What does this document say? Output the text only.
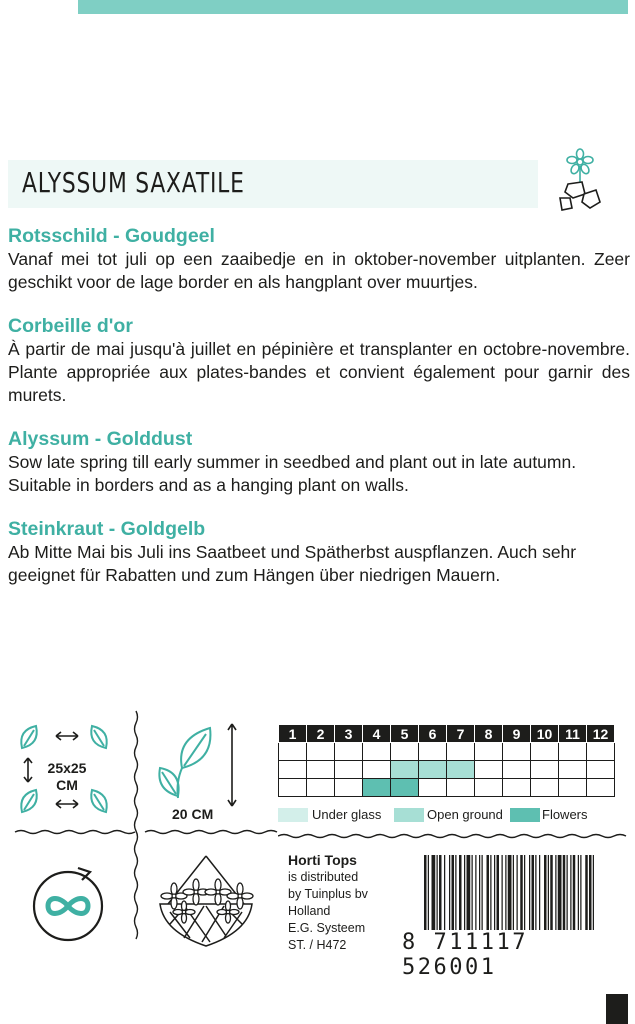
ALYSSUM SAXATILE
Rotsschild - Goudgeel

Vanaf mei tot juli op een zaaibedje en in oktober-november uitplanten. Zeer geschikt voor de lage border en als hangplant over muurtjes.

Corbeille d'or

À partir de mai jusqu'à juillet en pépinière et transplanter en octobre-novembre. Plante appropriée aux plates-bandes et convient également pour garnir des murets.

Alyssum - Golddust

Sow late spring till early summer in seedbed and plant out in late autumn. Suitable in borders and as a hanging plant on walls.

Steinkraut - Goldgelb

Ab Mitte Mai bis Juli ins Saatbeet und Spätherbst auspflanzen. Auch sehr geeignet für Rabatten und zum Hängen über niedrigen Mauern.

25x25
CM
20 CM
1	2	3	4	5	6	7	8	9	10	11	12

Under glass	Open ground	Flowers
Horti Tops
is distributed
by Tuinplus bv
Holland
E.G. Systeem
ST. / H472	8 711117 526001
